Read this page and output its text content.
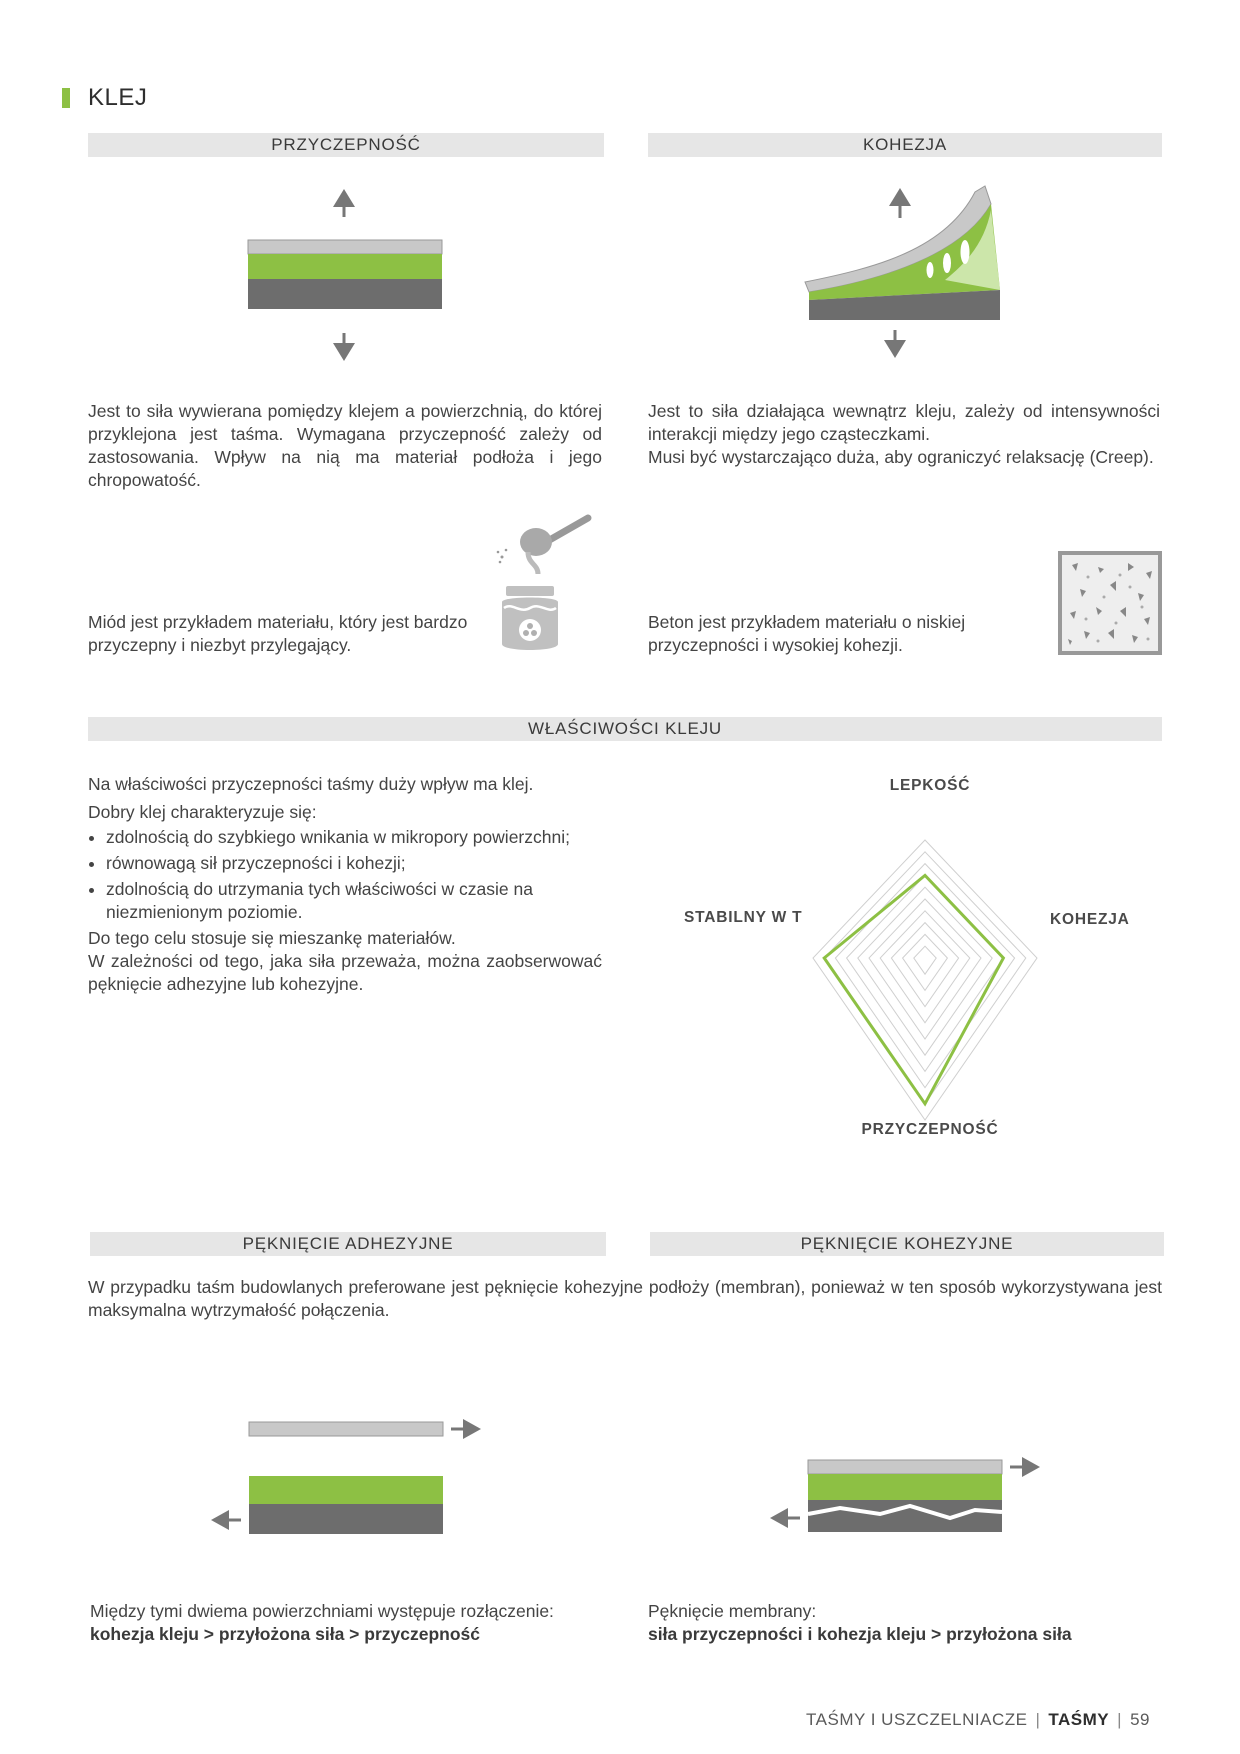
KLEJ
PRZYCZEPNOŚĆ	KOHEZJA
Jest to siła wywierana pomiędzy klejem a powierzchnią, do której przyklejona jest taśma. Wymagana przyczepność zależy od zastosowania. Wpływ na nią ma materiał podłoża i jego chropowatość.
Jest to siła działająca wewnątrz kleju, zależy od intensywności interakcji między jego cząsteczkami.
Musi być wystarczająco duża, aby ograniczyć relaksację (Creep).
Miód jest przykładem materiału, który jest bardzo przyczepny i niezbyt przylegający.
Beton jest przykładem materiału o niskiej przyczepności i wysokiej kohezji.
WŁAŚCIWOŚCI KLEJU
Na właściwości przyczepności taśmy duży wpływ ma klej.
Dobry klej charakteryzuje się:
• zdolnością do szybkiego wnikania w mikropory powierzchni;
• równowagą sił przyczepności i kohezji;
• zdolnością do utrzymania tych właściwości w czasie na niezmienionym poziomie.
Do tego celu stosuje się mieszankę materiałów.
W zależności od tego, jaka siła przeważa, można zaobserwować pęknięcie adhezyjne lub kohezyjne.
LEPKOŚĆ
KOHEZJA
PRZYCZEPNOŚĆ
STABILNY W T
PĘKNIĘCIE ADHEZYJNE	PĘKNIĘCIE KOHEZYJNE
W przypadku taśm budowlanych preferowane jest pęknięcie kohezyjne podłoży (membran), ponieważ w ten sposób wykorzystywana jest maksymalna wytrzymałość połączenia.
Między tymi dwiema powierzchniami występuje rozłączenie:
kohezja kleju > przyłożona siła > przyczepność
Pęknięcie membrany:
siła przyczepności i kohezja kleju > przyłożona siła
TAŚMY I USZCZELNIACZE | TAŚMY | 59
